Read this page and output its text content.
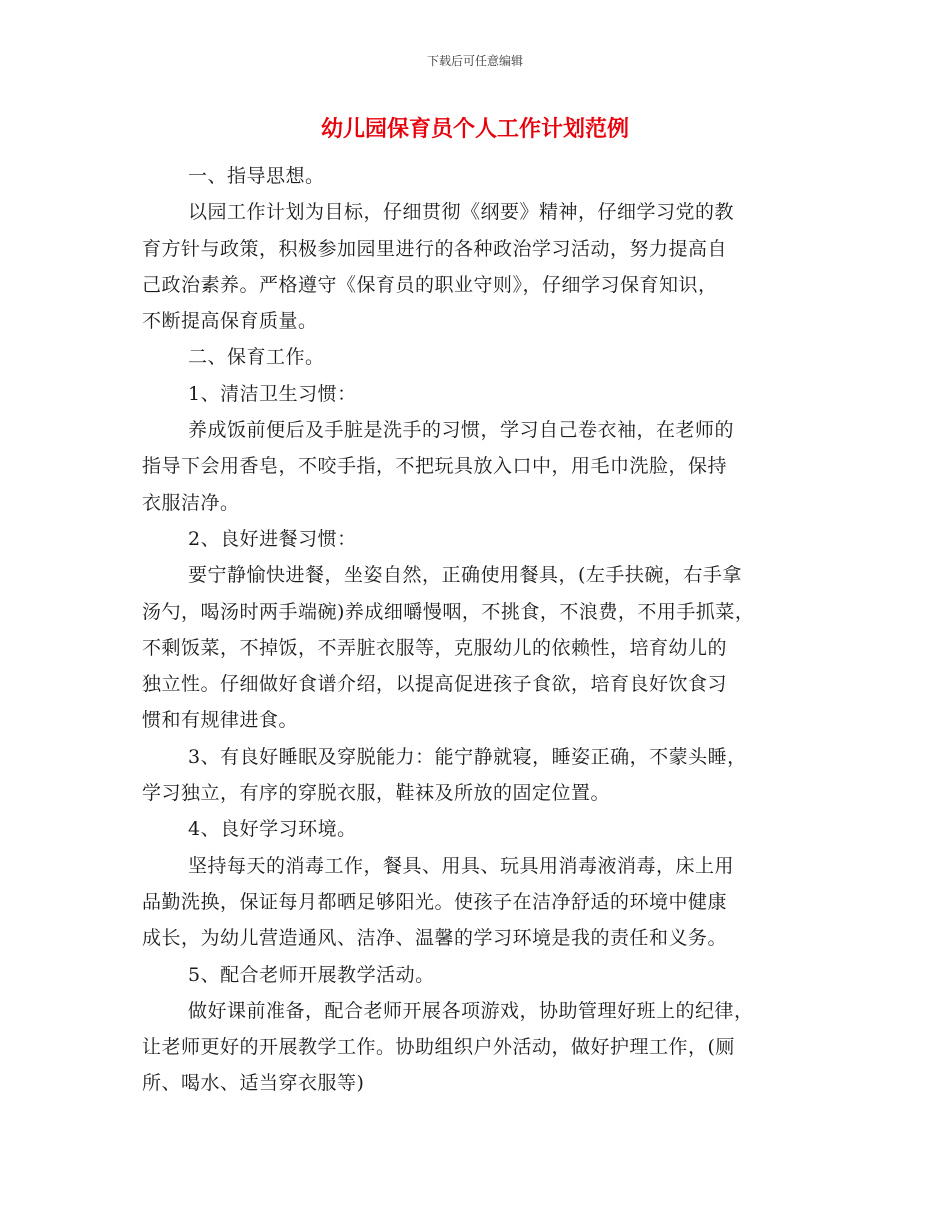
下载后可任意编辑
幼儿园保育员个人工作计划范例
一、指导思想。
以园工作计划为目标，仔细贯彻《纲要》精神，仔细学习党的教
育方针与政策，积极参加园里进行的各种政治学习活动，努力提高自
己政治素养。严格遵守《保育员的职业守则》，仔细学习保育知识，
不断提高保育质量。
二、保育工作。
1、清洁卫生习惯：
养成饭前便后及手脏是洗手的习惯，学习自己卷衣袖，在老师的
指导下会用香皂，不咬手指，不把玩具放入口中，用毛巾洗脸，保持
衣服洁净。
2、良好进餐习惯：
要宁静愉快进餐，坐姿自然，正确使用餐具，(左手扶碗，右手拿
汤勺，喝汤时两手端碗)养成细嚼慢咽，不挑食，不浪费，不用手抓菜，
不剩饭菜，不掉饭，不弄脏衣服等，克服幼儿的依赖性，培育幼儿的
独立性。仔细做好食谱介绍，以提高促进孩子食欲，培育良好饮食习
惯和有规律进食。
3、有良好睡眠及穿脱能力：能宁静就寝，睡姿正确，不蒙头睡，
学习独立，有序的穿脱衣服，鞋袜及所放的固定位置。
4、良好学习环境。
坚持每天的消毒工作，餐具、用具、玩具用消毒液消毒，床上用
品勤洗换，保证每月都晒足够阳光。使孩子在洁净舒适的环境中健康
成长，为幼儿营造通风、洁净、温馨的学习环境是我的责任和义务。
5、配合老师开展教学活动。
做好课前准备，配合老师开展各项游戏，协助管理好班上的纪律，
让老师更好的开展教学工作。协助组织户外活动，做好护理工作，(厕
所、喝水、适当穿衣服等)
